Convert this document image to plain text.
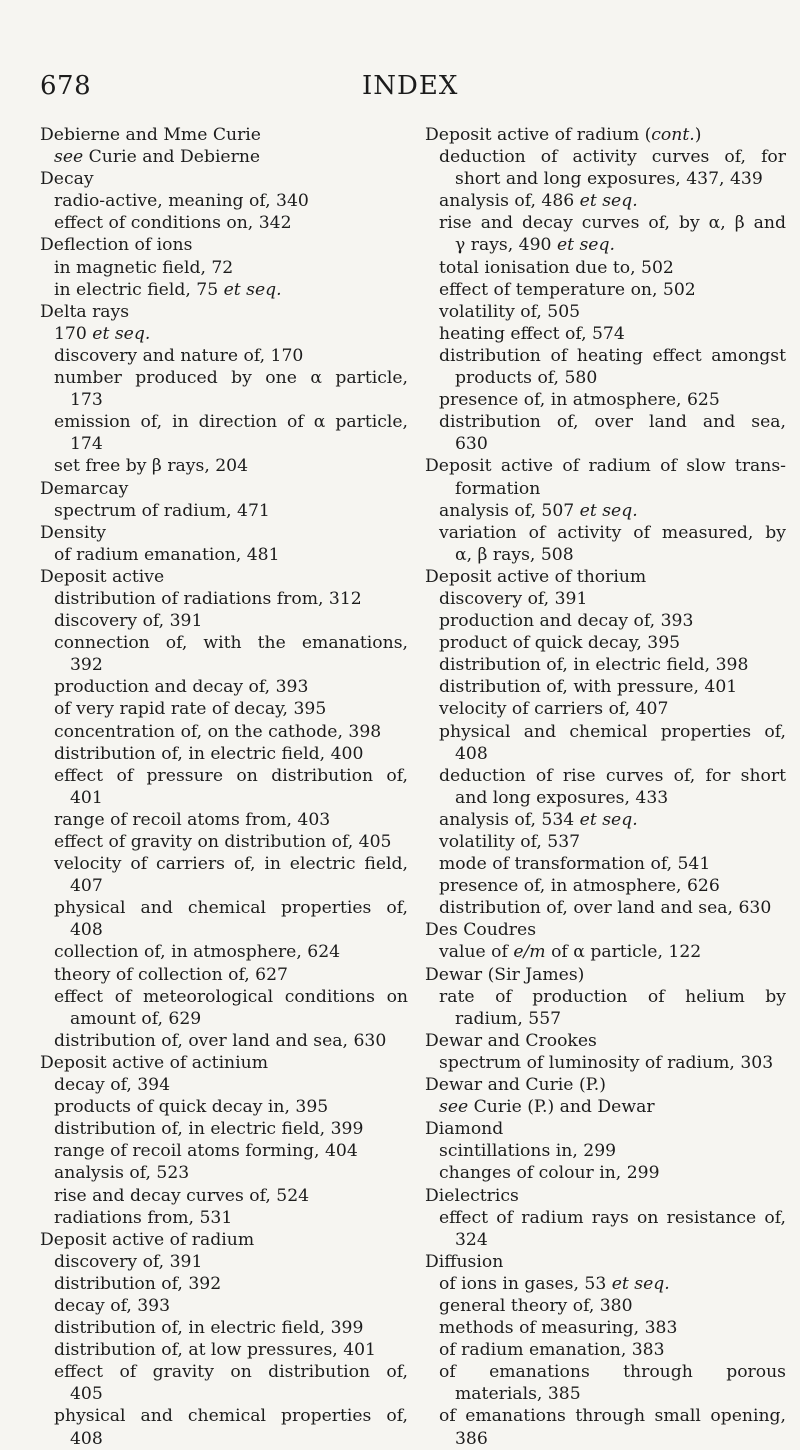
678	INDEX
Debierne and Mme Curie
see Curie and Debierne
Decay
radio-active, meaning of, 340
effect of conditions on, 342
Deflection of ions
in magnetic field, 72
in electric field, 75 et seq.
Delta rays
170 et seq.
discovery and nature of, 170
number produced by one α particle,
173
emission of, in direction of α particle,
174
set free by β rays, 204
Demarcay
spectrum of radium, 471
Density
of radium emanation, 481
Deposit active
distribution of radiations from, 312
discovery of, 391
connection of, with the emanations,
392
production and decay of, 393
of very rapid rate of decay, 395
concentration of, on the cathode, 398
distribution of, in electric field, 400
effect of pressure on distribution of,
401
range of recoil atoms from, 403
effect of gravity on distribution of, 405
velocity of carriers of, in electric field,
407
physical and chemical properties of,
408
collection of, in atmosphere, 624
theory of collection of, 627
effect of meteorological conditions on
amount of, 629
distribution of, over land and sea, 630
Deposit active of actinium
decay of, 394
products of quick decay in, 395
distribution of, in electric field, 399
range of recoil atoms forming, 404
analysis of, 523
rise and decay curves of, 524
radiations from, 531
Deposit active of radium
discovery of, 391
distribution of, 392
decay of, 393
distribution of, in electric field, 399
distribution of, at low pressures, 401
effect of gravity on distribution of,
405
physical and chemical properties of,
408
Deposit active of radium (cont.)
deduction of activity curves of, for
short and long exposures, 437, 439
analysis of, 486 et seq.
rise and decay curves of, by α, β and
γ rays, 490 et seq.
total ionisation due to, 502
effect of temperature on, 502
volatility of, 505
heating effect of, 574
distribution of heating effect amongst
products of, 580
presence of, in atmosphere, 625
distribution of, over land and sea,
630
Deposit active of radium of slow trans-
formation
analysis of, 507 et seq.
variation of activity of measured, by
α, β rays, 508
Deposit active of thorium
discovery of, 391
production and decay of, 393
product of quick decay, 395
distribution of, in electric field, 398
distribution of, with pressure, 401
velocity of carriers of, 407
physical and chemical properties of,
408
deduction of rise curves of, for short
and long exposures, 433
analysis of, 534 et seq.
volatility of, 537
mode of transformation of, 541
presence of, in atmosphere, 626
distribution of, over land and sea, 630
Des Coudres
value of e/m of α particle, 122
Dewar (Sir James)
rate of production of helium by
radium, 557
Dewar and Crookes
spectrum of luminosity of radium, 303
Dewar and Curie (P.)
see Curie (P.) and Dewar
Diamond
scintillations in, 299
changes of colour in, 299
Dielectrics
effect of radium rays on resistance of,
324
Diffusion
of ions in gases, 53 et seq.
general theory of, 380
methods of measuring, 383
of radium emanation, 383
of emanations through porous
materials, 385
of emanations through small opening,
386
